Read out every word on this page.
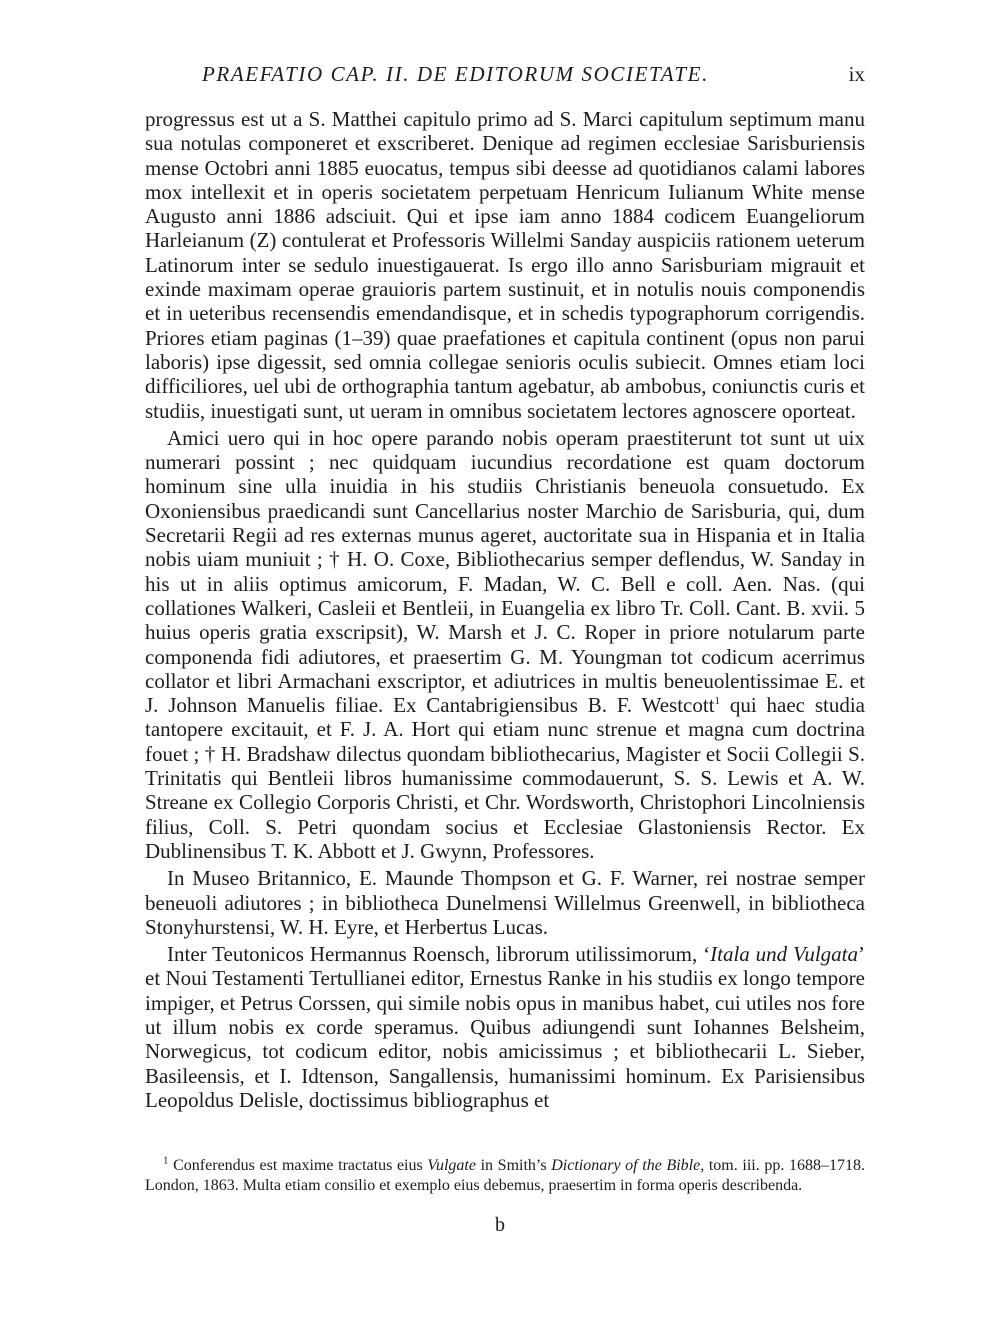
PRAEFATIO CAP. II. DE EDITORUM SOCIETATE.	ix

progressus est ut a S. Matthei capitulo primo ad S. Marci capitulum septimum manu sua notulas componeret et exscriberet. Denique ad regimen ecclesiae Sarisburiensis mense Octobri anni 1885 euocatus, tempus sibi deesse ad quotidianos calami labores mox intellexit et in operis societatem perpetuam Henricum Iulianum White mense Augusto anni 1886 adsciuit. Qui et ipse iam anno 1884 codicem Euangeliorum Harleianum (Z) contulerat et Professoris Willelmi Sanday auspiciis rationem ueterum Latinorum inter se sedulo inuestigauerat. Is ergo illo anno Sarisburiam migrauit et exinde maximam operae grauioris partem sustinuit, et in notulis nouis componendis et in ueteribus recensendis emendandisque, et in schedis typographorum corrigendis. Priores etiam paginas (1–39) quae praefationes et capitula continent (opus non parui laboris) ipse digessit, sed omnia collegae senioris oculis subiecit. Omnes etiam loci difficiliores, uel ubi de orthographia tantum agebatur, ab ambobus, coniunctis curis et studiis, inuestigati sunt, ut ueram in omnibus societatem lectores agnoscere oporteat.

Amici uero qui in hoc opere parando nobis operam praestiterunt tot sunt ut uix numerari possint ; nec quidquam iucundius recordatione est quam doctorum hominum sine ulla inuidia in his studiis Christianis beneuola consuetudo. Ex Oxoniensibus praedicandi sunt Cancellarius noster Marchio de Sarisburia, qui, dum Secretarii Regii ad res externas munus ageret, auctoritate sua in Hispania et in Italia nobis uiam muniuit ; † H. O. Coxe, Bibliothecarius semper deflendus, W. Sanday in his ut in aliis optimus amicorum, F. Madan, W. C. Bell e coll. Aen. Nas. (qui collationes Walkeri, Casleii et Bentleii, in Euangelia ex libro Tr. Coll. Cant. B. xvii. 5 huius operis gratia exscripsit), W. Marsh et J. C. Roper in priore notularum parte componenda fidi adiutores, et praesertim G. M. Youngman tot codicum acerrimus collator et libri Armachani exscriptor, et adiutrices in multis beneuolentissimae E. et J. Johnson Manuelis filiae. Ex Cantabrigiensibus B. F. Westcott$^1$ qui haec studia tantopere excitauit, et F. J. A. Hort qui etiam nunc strenue et magna cum doctrina fouet ; † H. Bradshaw dilectus quondam bibliothecarius, Magister et Socii Collegii S. Trinitatis qui Bentleii libros humanissime commodauerunt, S. S. Lewis et A. W. Streane ex Collegio Corporis Christi, et Chr. Wordsworth, Christophori Lincolniensis filius, Coll. S. Petri quondam socius et Ecclesiae Glastoniensis Rector. Ex Dublinensibus T. K. Abbott et J. Gwynn, Professores.

In Museo Britannico, E. Maunde Thompson et G. F. Warner, rei nostrae semper beneuoli adiutores ; in bibliotheca Dunelmensi Willelmus Greenwell, in bibliotheca Stonyhurstensi, W. H. Eyre, et Herbertus Lucas.

Inter Teutonicos Hermannus Roensch, librorum utilissimorum, ‘Itala und Vulgata’ et Noui Testamenti Tertullianei editor, Ernestus Ranke in his studiis ex longo tempore impiger, et Petrus Corssen, qui simile nobis opus in manibus habet, cui utiles nos fore ut illum nobis ex corde speramus. Quibus adiungendi sunt Iohannes Belsheim, Norwegicus, tot codicum editor, nobis amicissimus ; et bibliothecarii L. Sieber, Basileensis, et I. Idtenson, Sangallensis, humanissimi hominum. Ex Parisiensibus Leopoldus Delisle, doctissimus bibliographus et

$^1$ Conferendus est maxime tractatus eius Vulgate in Smith’s Dictionary of the Bible, tom. iii. pp. 1688–1718. London, 1863. Multa etiam consilio et exemplo eius debemus, praesertim in forma operis describenda.

b
